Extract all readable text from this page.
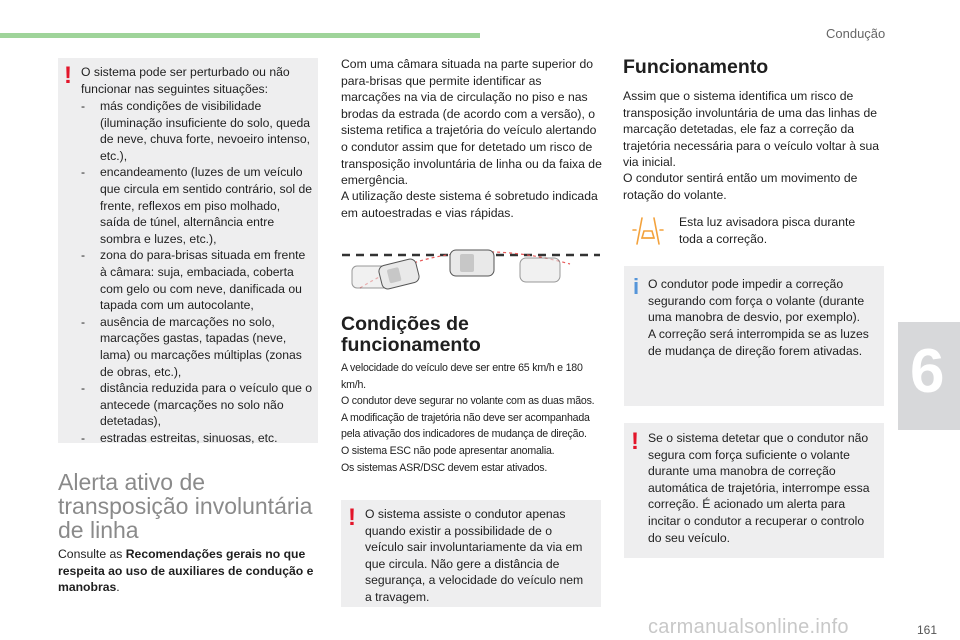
Condução
6
! O sistema pode ser perturbado ou não funcionar nas seguintes situações:
- más condições de visibilidade (iluminação insuficiente do solo, queda de neve, chuva forte, nevoeiro intenso, etc.),
- encandeamento (luzes de um veículo que circula em sentido contrário, sol de frente, reflexos em piso molhado, saída de túnel, alternância entre sombra e luzes, etc.),
- zona do para-brisas situada em frente à câmara: suja, embaciada, coberta com gelo ou com neve, danificada ou tapada com um autocolante,
- ausência de marcações no solo, marcações gastas, tapadas (neve, lama) ou marcações múltiplas (zonas de obras, etc.),
- distância reduzida para o veículo que o antecede (marcações no solo não detetadas),
- estradas estreitas, sinuosas, etc.
Alerta ativo de transposição involuntária de linha
Consulte as Recomendações gerais no que respeita ao uso de auxiliares de condução e manobras.
Com uma câmara situada na parte superior do para-brisas que permite identificar as marcações na via de circulação no piso e nas brodas da estrada (de acordo com a versão), o sistema retifica a trajetória do veículo alertando o condutor assim que for detetado um risco de transposição involuntária de linha ou da faixa de emergência.
A utilização deste sistema é sobretudo indicada em autoestradas e vias rápidas.
Condições de funcionamento
A velocidade do veículo deve ser entre 65 km/h e 180 km/h.
O condutor deve segurar no volante com as duas mãos.
A modificação de trajetória não deve ser acompanhada pela ativação dos indicadores de mudança de direção.
O sistema ESC não pode apresentar anomalia.
Os sistemas ASR/DSC devem estar ativados.
! O sistema assiste o condutor apenas quando existir a possibilidade de o veículo sair involuntariamente da via em que circula. Não gere a distância de segurança, a velocidade do veículo nem a travagem.
Funcionamento
Assim que o sistema identifica um risco de transposição involuntária de uma das linhas de marcação detetadas, ele faz a correção da trajetória necessária para o veículo voltar à sua via inicial.
O condutor sentirá então um movimento de rotação do volante.
Esta luz avisadora pisca durante toda a correção.
i O condutor pode impedir a correção segurando com força o volante (durante uma manobra de desvio, por exemplo).
A correção será interrompida se as luzes de mudança de direção forem ativadas.
! Se o sistema detetar que o condutor não segura com força suficiente o volante durante uma manobra de correção automática de trajetória, interrompe essa correção. É acionado um alerta para incitar o condutor a recuperar o controlo do seu veículo.
carmanualsonline.info	161
